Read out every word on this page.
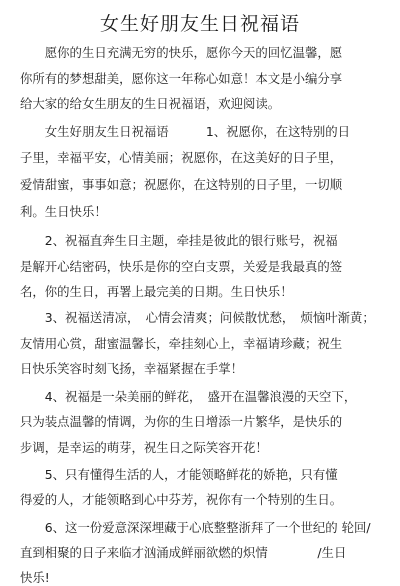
女生好朋友生日祝福语
　　愿你的生日充满无穷的快乐，愿你今天的回忆温馨，愿
你所有的梦想甜美，愿你这一年称心如意！本文是小编分享
给大家的给女生朋友的生日祝福语，欢迎阅读。
　　女生好朋友生日祝福语　　　1、祝愿你，在这特别的日
子里，幸福平安，心情美丽；祝愿你，在这美好的日子里，
爱情甜蜜，事事如意；祝愿你，在这特别的日子里，一切顺
利。生日快乐！
　　2、祝福直奔生日主题，牵挂是彼此的银行账号，祝福
是解开心结密码，快乐是你的空白支票，关爱是我最真的签
名，你的生日，再署上最完美的日期。生日快乐！
　　3、祝福送清凉，　心情会清爽；问候散忧愁，　烦恼叶渐黄；
友情用心赏，甜蜜温馨长，牵挂刻心上，幸福请珍藏；祝生
日快乐笑容时刻飞扬，幸福紧握在手掌！
　　4、祝福是一朵美丽的鲜花，　盛开在温馨浪漫的天空下，
只为装点温馨的情调，为你的生日增添一片繁华，是快乐的
步调，是幸运的萌芽，祝生日之际笑容开花！
　　5、只有懂得生活的人，才能领略鲜花的娇艳，只有懂
得爱的人，才能领略到心中芬芳，祝你有一个特别的生日。
　　6、这一份爱意深深埋藏于心底整整浙拜了一个世纪的 轮回/
直到相聚的日子来临才汹涌成鲜丽欲燃的炽情　　　　/生日
快乐!
